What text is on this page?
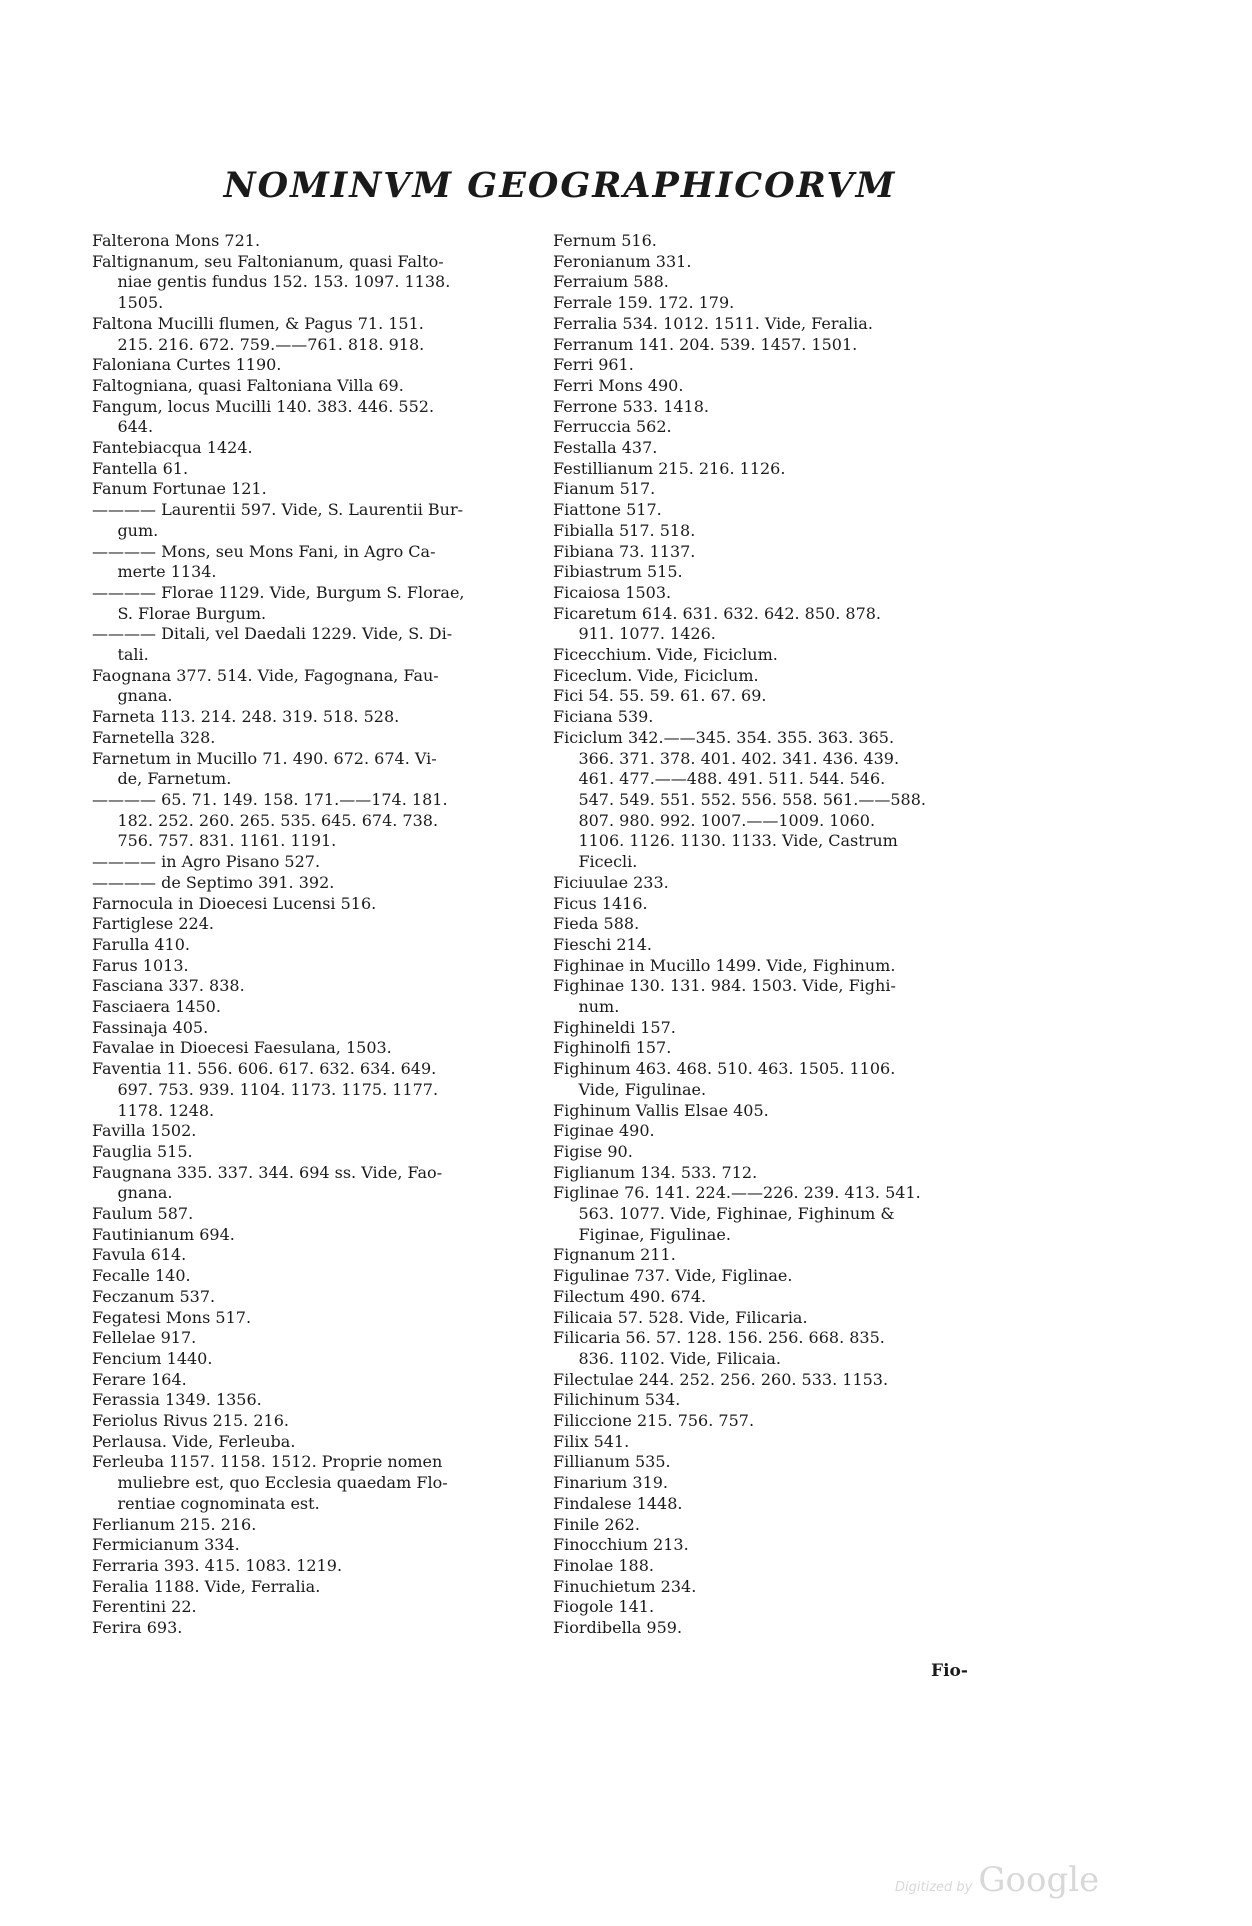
NOMINVM GEOGRAPHICORVM
Falterona Mons 721.
Faltignanum, seu Faltonianum, quasi Falto-
niae gentis fundus 152. 153. 1097. 1138.
1505.
Faltona Mucilli flumen, & Pagus 71. 151.
215. 216. 672. 759.——761. 818. 918.
Faloniana Curtes 1190.
Faltogniana, quasi Faltoniana Villa 69.
Fangum, locus Mucilli 140. 383. 446. 552.
644.
Fantebiacqua 1424.
Fantella 61.
Fanum Fortunae 121.
———— Laurentii 597. Vide, S. Laurentii Bur-
gum.
———— Mons, seu Mons Fani, in Agro Ca-
merte 1134.
———— Florae 1129. Vide, Burgum S. Florae,
S. Florae Burgum.
———— Ditali, vel Daedali 1229. Vide, S. Di-
tali.
Faognana 377. 514. Vide, Fagognana, Fau-
gnana.
Farneta 113. 214. 248. 319. 518. 528.
Farnetella 328.
Farnetum in Mucillo 71. 490. 672. 674. Vi-
de, Farnetum.
———— 65. 71. 149. 158. 171.——174. 181.
182. 252. 260. 265. 535. 645. 674. 738.
756. 757. 831. 1161. 1191.
———— in Agro Pisano 527.
———— de Septimo 391. 392.
Farnocula in Dioecesi Lucensi 516.
Fartiglese 224.
Farulla 410.
Farus 1013.
Fasciana 337. 838.
Fasciaera 1450.
Fassinaja 405.
Favalae in Dioecesi Faesulana, 1503.
Faventia 11. 556. 606. 617. 632. 634. 649.
697. 753. 939. 1104. 1173. 1175. 1177.
1178. 1248.
Favilla 1502.
Fauglia 515.
Faugnana 335. 337. 344. 694 ss. Vide, Fao-
gnana.
Faulum 587.
Fautinianum 694.
Favula 614.
Fecalle 140.
Feczanum 537.
Fegatesi Mons 517.
Fellelae 917.
Fencium 1440.
Ferare 164.
Ferassia 1349. 1356.
Feriolus Rivus 215. 216.
Perlausa. Vide, Ferleuba.
Ferleuba 1157. 1158. 1512. Proprie nomen
muliebre est, quo Ecclesia quaedam Flo-
rentiae cognominata est.
Ferlianum 215. 216.
Fermicianum 334.
Ferraria 393. 415. 1083. 1219.
Feralia 1188. Vide, Ferralia.
Ferentini 22.
Ferira 693.
Fernum 516.
Feronianum 331.
Ferraium 588.
Ferrale 159. 172. 179.
Ferralia 534. 1012. 1511. Vide, Feralia.
Ferranum 141. 204. 539. 1457. 1501.
Ferri 961.
Ferri Mons 490.
Ferrone 533. 1418.
Ferruccia 562.
Festalla 437.
Festillianum 215. 216. 1126.
Fianum 517.
Fiattone 517.
Fibialla 517. 518.
Fibiana 73. 1137.
Fibiastrum 515.
Ficaiosa 1503.
Ficaretum 614. 631. 632. 642. 850. 878.
911. 1077. 1426.
Ficecchium. Vide, Ficiclum.
Ficeclum. Vide, Ficiclum.
Fici 54. 55. 59. 61. 67. 69.
Ficiana 539.
Ficiclum 342.——345. 354. 355. 363. 365.
366. 371. 378. 401. 402. 341. 436. 439.
461. 477.——488. 491. 511. 544. 546.
547. 549. 551. 552. 556. 558. 561.——588.
807. 980. 992. 1007.——1009. 1060.
1106. 1126. 1130. 1133. Vide, Castrum
Ficecli.
Ficiuulae 233.
Ficus 1416.
Fieda 588.
Fieschi 214.
Fighinae in Mucillo 1499. Vide, Fighinum.
Fighinae 130. 131. 984. 1503. Vide, Fighi-
num.
Fighineldi 157.
Fighinolfi 157.
Fighinum 463. 468. 510. 463. 1505. 1106.
Vide, Figulinae.
Fighinum Vallis Elsae 405.
Figinae 490.
Figise 90.
Figlianum 134. 533. 712.
Figlinae 76. 141. 224.——226. 239. 413. 541.
563. 1077. Vide, Fighinae, Fighinum &
Figinae, Figulinae.
Fignanum 211.
Figulinae 737. Vide, Figlinae.
Filectum 490. 674.
Filicaia 57. 528. Vide, Filicaria.
Filicaria 56. 57. 128. 156. 256. 668. 835.
836. 1102. Vide, Filicaia.
Filectulae 244. 252. 256. 260. 533. 1153.
Filichinum 534.
Filiccione 215. 756. 757.
Filix 541.
Fillianum 535.
Finarium 319.
Findalese 1448.
Finile 262.
Finocchium 213.
Finolae 188.
Finuchietum 234.
Fiogole 141.
Fiordibella 959.
Fio-
Digitized by Google
